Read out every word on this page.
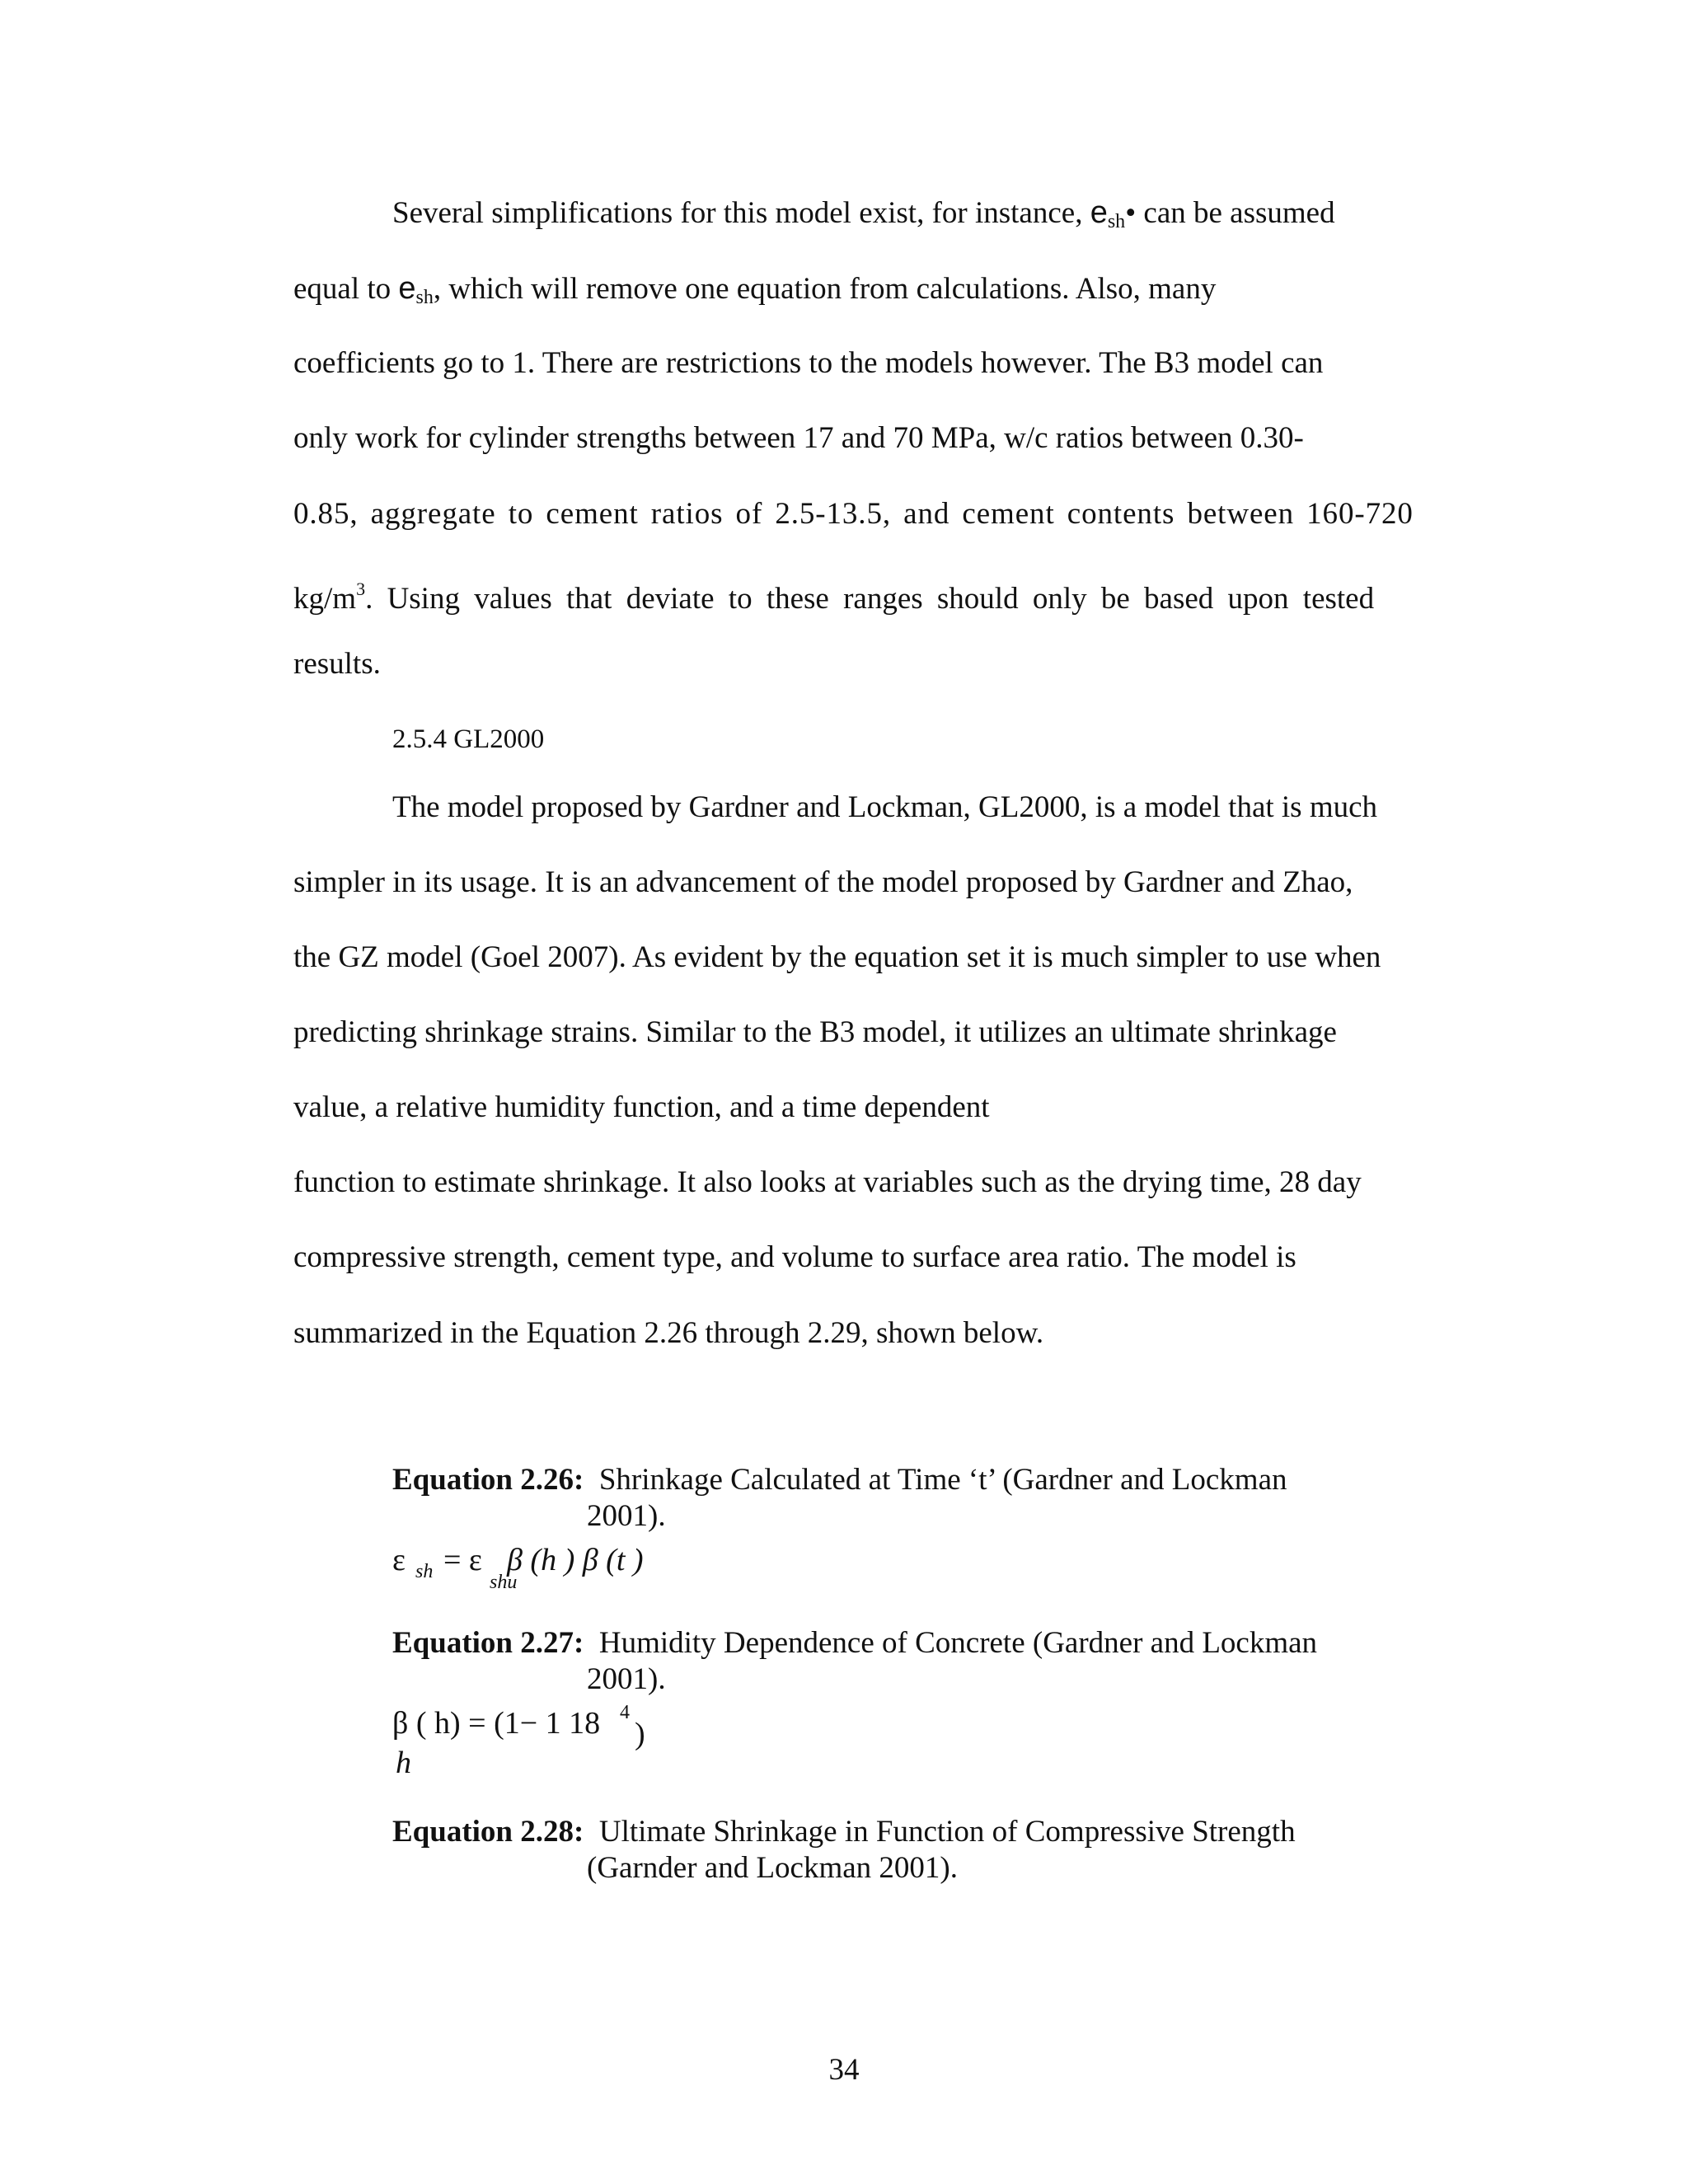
Several simplifications for this model exist, for instance, $e_{sh}•$ can be assumed
equal to $e_{sh}$, which will remove one equation from calculations. Also, many
coefficients go to 1. There are restrictions to the models however. The B3 model can
only work for cylinder strengths between 17 and 70 MPa, w/c ratios between 0.30-
0.85, aggregate to cement ratios of 2.5-13.5, and cement contents between 160-720
$kg/m^3$. Using values that deviate to these ranges should only be based upon tested
results.
2.5.4 GL2000
The model proposed by Gardner and Lockman, GL2000, is a model that is much
simpler in its usage. It is an advancement of the model proposed by Gardner and Zhao,
the GZ model (Goel 2007). As evident by the equation set it is much simpler to use when
predicting shrinkage strains. Similar to the B3 model, it utilizes an ultimate shrinkage
value, a relative humidity function, and a time dependent
function to estimate shrinkage. It also looks at variables such as the drying time, 28 day
compressive strength, cement type, and volume to surface area ratio. The model is
summarized in the Equation 2.26 through 2.29, shown below.
Equation 2.26: Shrinkage Calculated at Time ‘t’ (Gardner and Lockman
2001).
ε sh = ε
shu
β (h ) β (t )
Equation 2.27: Humidity Dependence of Concrete (Gardner and Lockman
2001).
β ( h) = (1− 1 18 4
)
h
Equation 2.28: Ultimate Shrinkage in Function of Compressive Strength
(Garnder and Lockman 2001).
34
